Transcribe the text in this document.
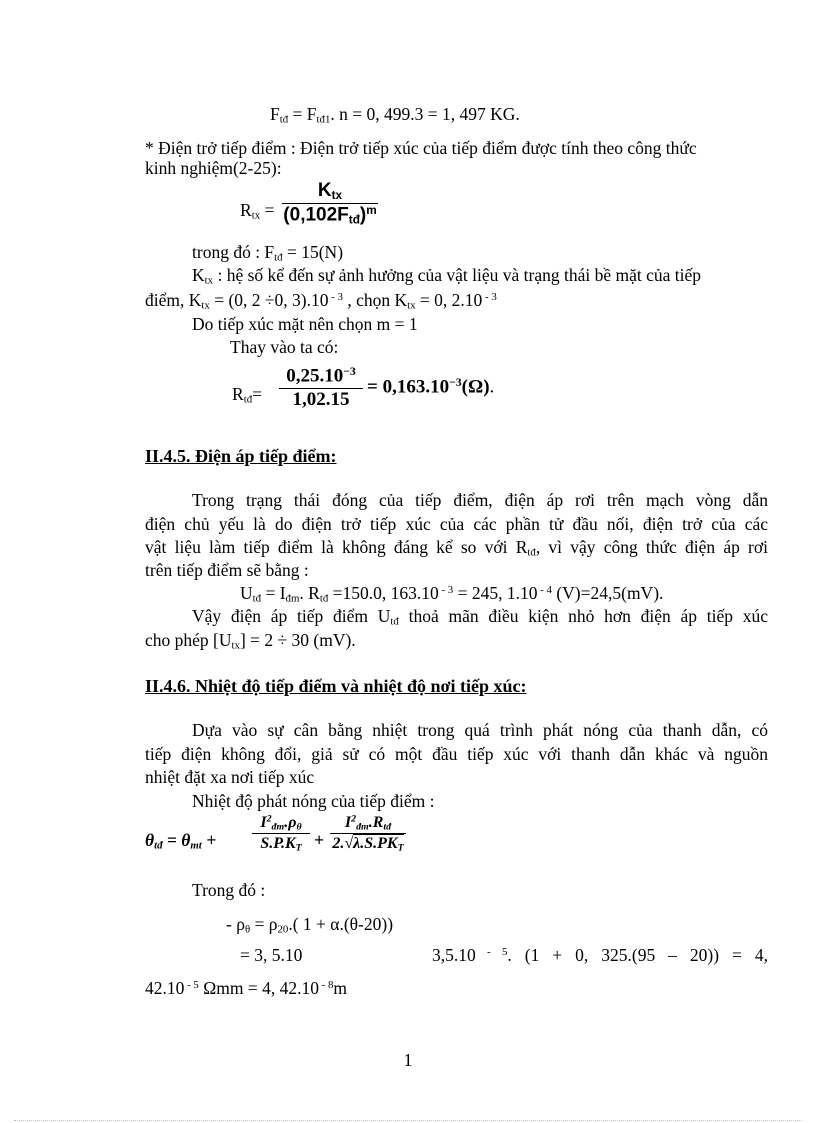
$F_{tđ} = F_{tđ1}$. n = 0, 499.3 = 1, 497 KG.
* Điện trở tiếp điểm : Điện trở tiếp xúc của tiếp điểm được tính theo công thức
kinh nghiệm(2-25):
$R_{tx}$ =
$K_{tx}$
$(0,102F_{tđ})^m$
trong đó : $F_{tđ} = 15(N)$
$K_{tx}$ : hệ số kể đến sự ảnh hưởng của vật liệu và trạng thái bề mặt của tiếp
điểm, $K_{tx} = (0$, 2 ÷0, 3).10 $^{- 3}$ , chọn $K_{tx} = 0$, 2.10 $^{- 3}$
Do tiếp xúc mặt nên chọn m = 1
Thay vào ta có:
$R_{tđ}=$
$0,25.10^{-3}$
1,02.15
= $0,163.10^{-3}(\Omega)$.
II.4.5. Điện áp tiếp điểm:
Trong trạng thái đóng của tiếp điểm, điện áp rơi trên mạch vòng dẫn
điện chủ yếu là do điện trở tiếp xúc của các phần tử đầu nối, điện trở của các
vật liệu làm tiếp điểm là không đáng kể so với $R_{tđ}$, vì vậy công thức điện áp rơi
trên tiếp điểm sẽ bằng :
$U_{tđ} = I_{đm}$. $R_{tđ} =150.0$, 163.10 $^{- 3}$ = 245, 1.10 $^{- 4}$ (V)=24,5(mV).
Vậy điện áp tiếp điểm $U_{tđ}$ thoả mãn điều kiện nhỏ hơn điện áp tiếp xúc
cho phép $[U_{tx}] = 2 \div 30$ (mV).
II.4.6. Nhiệt độ tiếp điểm và nhiệt độ nơi tiếp xúc:
Dựa vào sự cân bằng nhiệt trong quá trình phát nóng của thanh dẫn, có
tiếp điện không đổi, giả sử có một đầu tiếp xúc với thanh dẫn khác và nguồn
nhiệt đặt xa nơi tiếp xúc
Nhiệt độ phát nóng của tiếp điểm :
$\theta_{tđ} = \theta_{mt}$ +
$I^2_{đm}.\rho_\theta$
$S.P.K_T$ +
$I^2_{đm}.R_{tđ}$
$2.√\lambda.S.PK_T$
Trong đó :
- $\rho_\theta = \rho_{20}$.( 1 + α.(θ-20))
= 3, 5.10	3,5.10 $^{- 5}$. (1 + 0, 325.(95 – 20)) = 4,
42.10 $^{- 5}$ Ωmm = 4, 42.10 $^{- 8}$m
1
